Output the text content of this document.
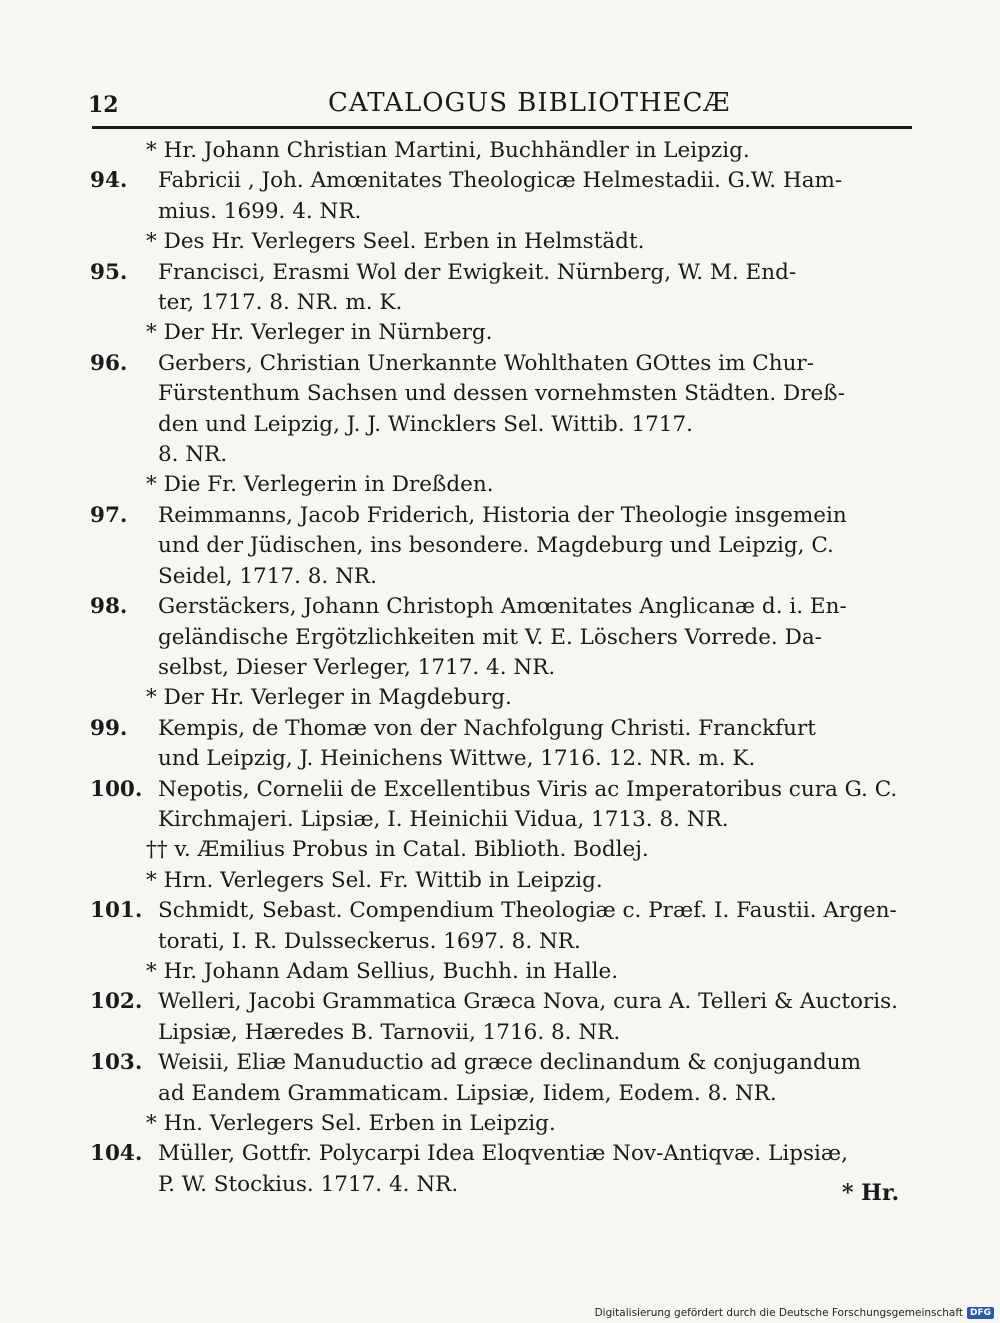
12	CATALOGUS BIBLIOTHECÆ
* Hr. Johann Christian Martini, Buchhändler in Leipzig.
94. Fabricii , Joh. Amœnitates Theologicæ Helmestadii. G.W. Ham-
mius. 1699. 4. NR.
* Des Hr. Verlegers Seel. Erben in Helmstädt.
95. Francisci, Erasmi Wol der Ewigkeit. Nürnberg, W. M. End-
ter, 1717. 8. NR. m. K.
* Der Hr. Verleger in Nürnberg.
96. Gerbers, Christian Unerkannte Wohlthaten GOttes im Chur-
Fürstenthum Sachsen und dessen vornehmsten Städten. Dreß-
den und Leipzig, J. J. Wincklers Sel. Wittib. 1717.
8. NR.
* Die Fr. Verlegerin in Dreßden.
97. Reimmanns, Jacob Friderich, Historia der Theologie insgemein
und der Jüdischen, ins besondere. Magdeburg und Leipzig, C.
Seidel, 1717. 8. NR.
98. Gerstäckers, Johann Christoph Amœnitates Anglicanæ d. i. En-
geländische Ergötzlichkeiten mit V. E. Löschers Vorrede. Da-
selbst, Dieser Verleger, 1717. 4. NR.
* Der Hr. Verleger in Magdeburg.
99. Kempis, de Thomæ von der Nachfolgung Christi. Franckfurt
und Leipzig, J. Heinichens Wittwe, 1716. 12. NR. m. K.
100. Nepotis, Cornelii de Excellentibus Viris ac Imperatoribus cura G. C.
Kirchmajeri. Lipsiæ, I. Heinichii Vidua, 1713. 8. NR.
†† v. Æmilius Probus in Catal. Biblioth. Bodlej.
* Hrn. Verlegers Sel. Fr. Wittib in Leipzig.
101. Schmidt, Sebast. Compendium Theologiæ c. Præf. I. Faustii. Argen-
torati, I. R. Dulsseckerus. 1697. 8. NR.
* Hr. Johann Adam Sellius, Buchh. in Halle.
102. Welleri, Jacobi Grammatica Græca Nova, cura A. Telleri & Auctoris.
Lipsiæ, Hæredes B. Tarnovii, 1716. 8. NR.
103. Weisii, Eliæ Manuductio ad græce declinandum & conjugandum
ad Eandem Grammaticam. Lipsiæ, Iidem, Eodem. 8. NR.
* Hn. Verlegers Sel. Erben in Leipzig.
104. Müller, Gottfr. Polycarpi Idea Eloqventiæ Nov-Antiqvæ. Lipsiæ,
P. W. Stockius. 1717. 4. NR.	* Hr.
Digitalisierung gefördert durch die Deutsche Forschungsgemeinschaft DFG
